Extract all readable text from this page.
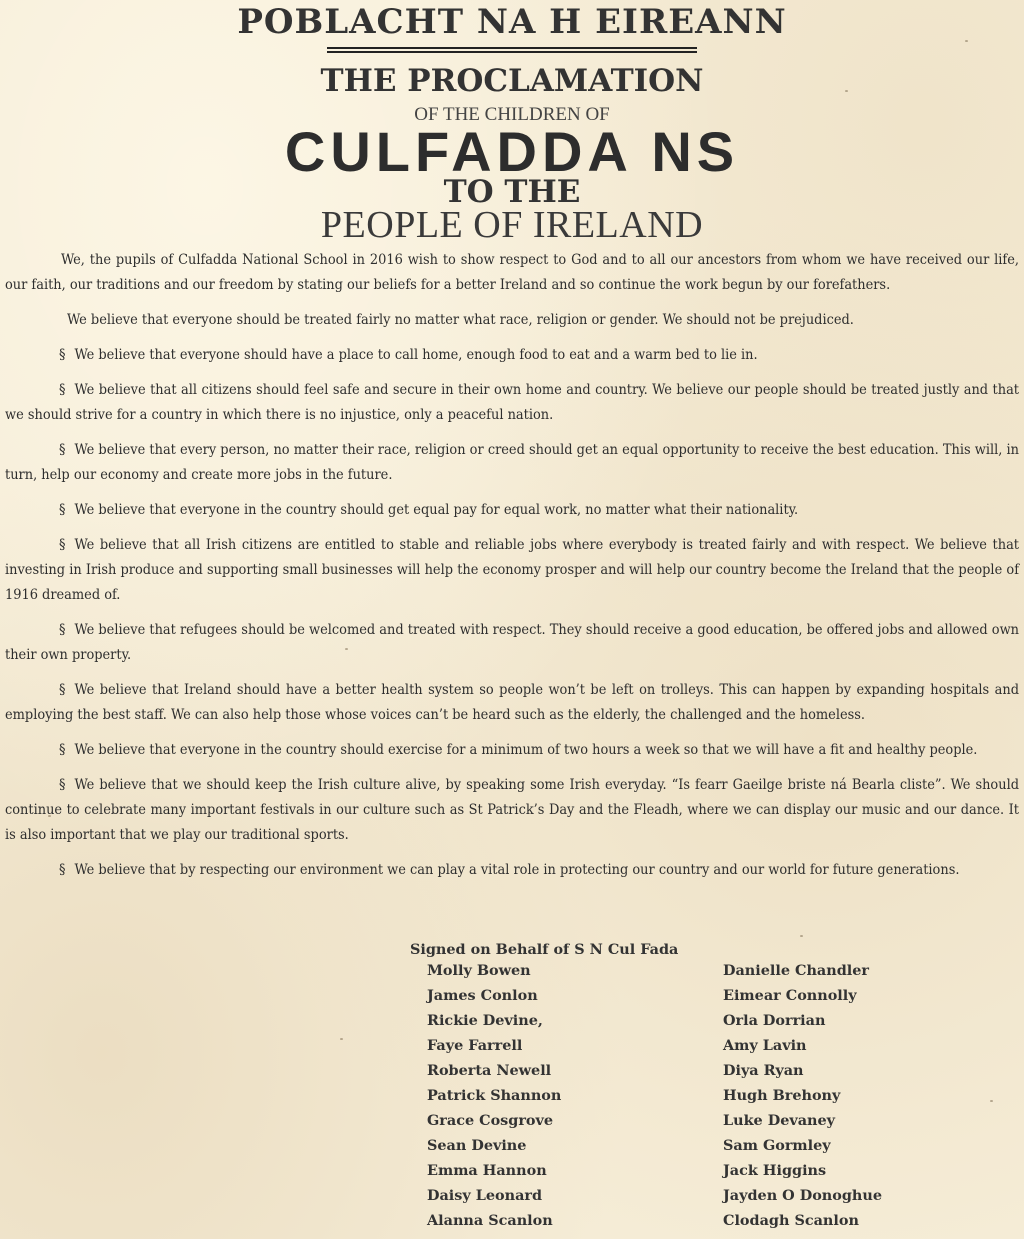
POBLACHT NA H EIREANN
THE PROCLAMATION
OF THE CHILDREN OF
CULFADDA NS
TO THE
PEOPLE OF IRELAND

We, the pupils of Culfadda National School in 2016 wish to show respect to God and to all our ancestors from whom we have received our life, our faith, our traditions and our freedom by stating our beliefs for a better Ireland and so continue the work begun by our forefathers.

We believe that everyone should be treated fairly no matter what race, religion or gender. We should not be prejudiced.

§ We believe that everyone should have a place to call home, enough food to eat and a warm bed to lie in.

§ We believe that all citizens should feel safe and secure in their own home and country. We believe our people should be treated justly and that we should strive for a country in which there is no injustice, only a peaceful nation.

§ We believe that every person, no matter their race, religion or creed should get an equal opportunity to receive the best education. This will, in turn, help our economy and create more jobs in the future.

§ We believe that everyone in the country should get equal pay for equal work, no matter what their nationality.

§ We believe that all Irish citizens are entitled to stable and reliable jobs where everybody is treated fairly and with respect. We believe that investing in Irish produce and supporting small businesses will help the economy prosper and will help our country become the Ireland that the people of 1916 dreamed of.

§ We believe that refugees should be welcomed and treated with respect. They should receive a good education, be offered jobs and allowed own their own property.

§ We believe that Ireland should have a better health system so people won’t be left on trolleys. This can happen by expanding hospitals and employing the best staff. We can also help those whose voices can’t be heard such as the elderly, the challenged and the homeless.

§ We believe that everyone in the country should exercise for a minimum of two hours a week so that we will have a fit and healthy people.

§ We believe that we should keep the Irish culture alive, by speaking some Irish everyday. “Is fearr Gaeilge briste ná Bearla cliste”. We should continue to celebrate many important festivals in our culture such as St Patrick’s Day and the Fleadh, where we can display our music and our dance. It is also important that we play our traditional sports.

§ We believe that by respecting our environment we can play a vital role in protecting our country and our world for future generations.

Signed on Behalf of S N Cul Fada
Molly Bowen
James Conlon
Rickie Devine,
Faye Farrell
Roberta Newell
Patrick Shannon
Grace Cosgrove
Sean Devine
Emma Hannon
Daisy Leonard
Alanna Scanlon
Danielle Chandler
Eimear Connolly
Orla Dorrian
Amy Lavin
Diya Ryan
Hugh Brehony
Luke Devaney
Sam Gormley
Jack Higgins
Jayden O Donoghue
Clodagh Scanlon
